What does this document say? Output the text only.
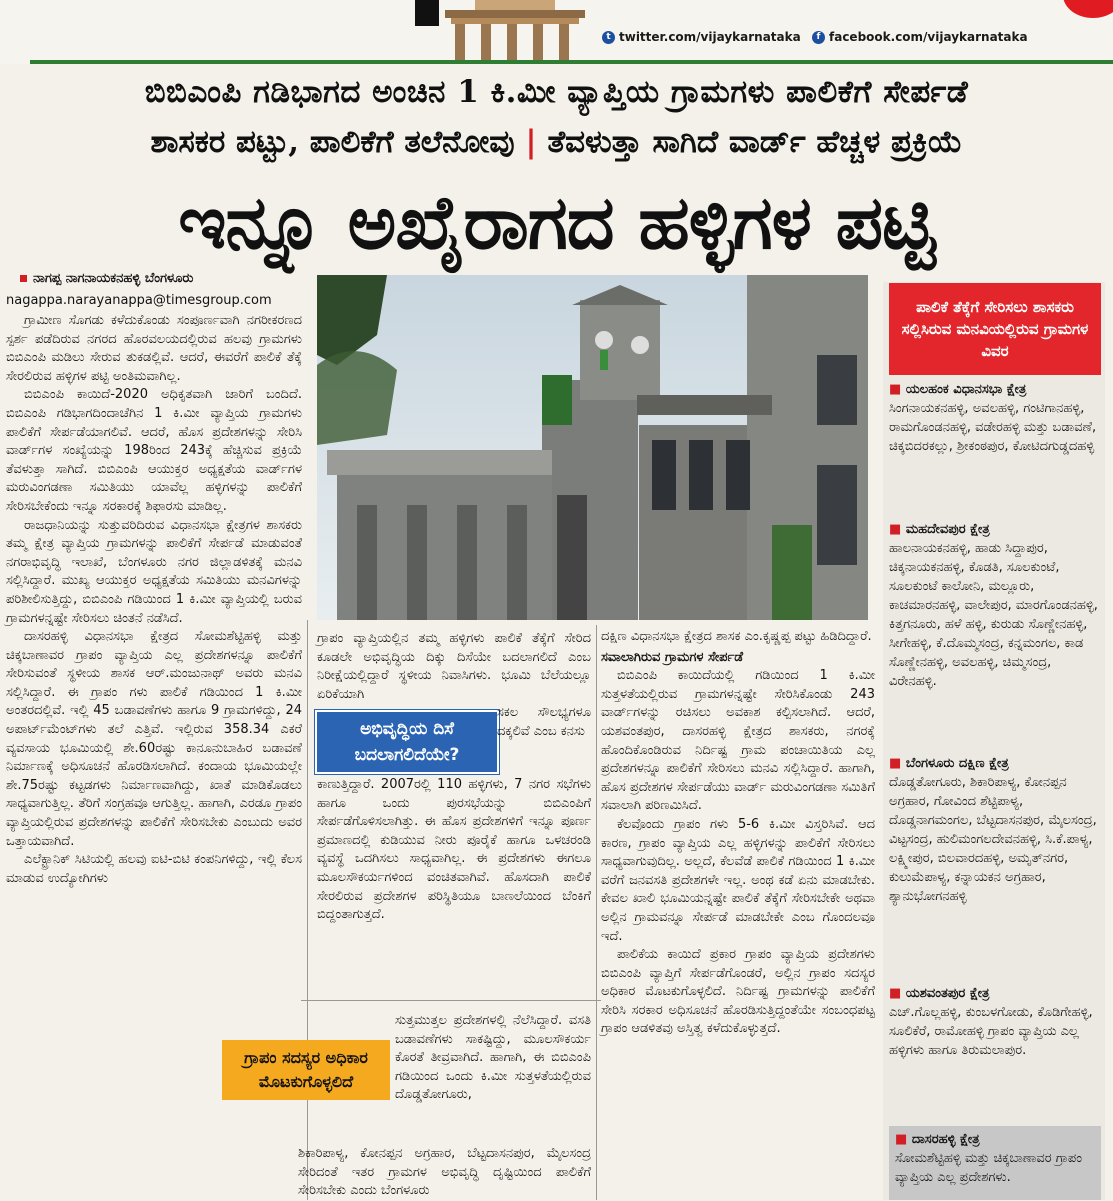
t twitter.com/vijaykarnataka	f facebook.com/vijaykarnataka
ಬಿಬಿಎಂಪಿ ಗಡಿಭಾಗದ ಅಂಚಿನ 1 ಕಿ.ಮೀ ವ್ಯಾಪ್ತಿಯ ಗ್ರಾಮಗಳು ಪಾಲಿಕೆಗೆ ಸೇರ್ಪಡೆ
ಶಾಸಕರ ಪಟ್ಟು, ಪಾಲಿಕೆಗೆ ತಲೆನೋವು | ತೆವಳುತ್ತಾ ಸಾಗಿದೆ ವಾರ್ಡ್ ಹೆಚ್ಚಳ ಪ್ರಕ್ರಿಯೆ
ಇನ್ನೂ ಅಖೈರಾಗದ ಹಳ್ಳಿಗಳ ಪಟ್ಟಿ
ನಾಗಪ್ಪ ನಾಗನಾಯಕನಹಳ್ಳಿ ಬೆಂಗಳೂರು
nagappa.narayanappa@timesgroup.com

ಗ್ರಾಮೀಣ ಸೊಗಡು ಕಳೆದುಕೊಂಡು ಸಂಪೂರ್ಣವಾಗಿ ನಗರೀಕರಣದ ಸ್ಪರ್ಶ ಪಡೆದಿರುವ ನಗರದ ಹೊರವಲಯದಲ್ಲಿರುವ ಹಲವು ಗ್ರಾಮಗಳು ಬಿಬಿಎಂಪಿ ಮಡಿಲು ಸೇರುವ ತುಕಡಲ್ಲಿವೆ. ಆದರೆ, ಈವರೆಗೆ ಪಾಲಿಕೆ ತೆಕ್ಕೆ ಸೇರಲಿರುವ ಹಳ್ಳಿಗಳ ಪಟ್ಟಿ ಅಂತಿಮವಾಗಿಲ್ಲ.

ಬಿಬಿಎಂಪಿ ಕಾಯಿದೆ-2020 ಅಧಿಕೃತವಾಗಿ ಜಾರಿಗೆ ಬಂದಿದೆ. ಬಿಬಿಎಂಪಿ ಗಡಿಭಾಗದಿಂದಾಚೆಗಿನ 1 ಕಿ.ಮೀ ವ್ಯಾಪ್ತಿಯ ಗ್ರಾಮಗಳು ಪಾಲಿಕೆಗೆ ಸೇರ್ಪಡೆಯಾಗಲಿವೆ. ಆದರೆ, ಹೊಸ ಪ್ರದೇಶಗಳನ್ನು ಸೇರಿಸಿ ವಾರ್ಡ್‌ಗಳ ಸಂಖ್ಯೆಯನ್ನು 198ರಿಂದ 243ಕ್ಕೆ ಹೆಚ್ಚಿಸುವ ಪ್ರಕ್ರಿಯೆ ತೆವಳುತ್ತಾ ಸಾಗಿದೆ. ಬಿಬಿಎಂಪಿ ಆಯುಕ್ತರ ಅಧ್ಯಕ್ಷತೆಯ ವಾರ್ಡ್‌ಗಳ ಮರುವಿಂಗಡಣಾ ಸಮಿತಿಯು ಯಾವೆಲ್ಲ ಹಳ್ಳಿಗಳನ್ನು ಪಾಲಿಕೆಗೆ ಸೇರಿಸಬೇಕೆಂದು ಇನ್ನೂ ಸರಕಾರಕ್ಕೆ ಶಿಫಾರಸು ಮಾಡಿಲ್ಲ.

ರಾಜಧಾನಿಯನ್ನು ಸುತ್ತುವರಿದಿರುವ ವಿಧಾನಸಭಾ ಕ್ಷೇತ್ರಗಳ ಶಾಸಕರು ತಮ್ಮ ಕ್ಷೇತ್ರ ವ್ಯಾಪ್ತಿಯ ಗ್ರಾಮಗಳನ್ನು ಪಾಲಿಕೆಗೆ ಸೇರ್ಪಡೆ ಮಾಡುವಂತೆ ನಗರಾಭಿವೃದ್ಧಿ ಇಲಾಖೆ, ಬೆಂಗಳೂರು ನಗರ ಜಿಲ್ಲಾಡಳಿತಕ್ಕೆ ಮನವಿ ಸಲ್ಲಿಸಿದ್ದಾರೆ. ಮುಖ್ಯ ಆಯುಕ್ತರ ಅಧ್ಯಕ್ಷತೆಯ ಸಮಿತಿಯು ಮನವಿಗಳನ್ನು ಪರಿಶೀಲಿಸುತ್ತಿದ್ದು, ಬಿಬಿಎಂಪಿ ಗಡಿಯಿಂದ 1 ಕಿ.ಮೀ ವ್ಯಾಪ್ತಿಯಲ್ಲಿ ಬರುವ ಗ್ರಾಮಗಳನ್ನಷ್ಟೇ ಸೇರಿಸಲು ಚಿಂತನೆ ನಡೆಸಿದೆ.

ದಾಸರಹಳ್ಳಿ ವಿಧಾನಸಭಾ ಕ್ಷೇತ್ರದ ಸೋಮಶೆಟ್ಟಿಹಳ್ಳಿ ಮತ್ತು ಚಿಕ್ಕಬಾಣಾವರ ಗ್ರಾಪಂ ವ್ಯಾಪ್ತಿಯ ಎಲ್ಲ ಪ್ರದೇಶಗಳನ್ನೂ ಪಾಲಿಕೆಗೆ ಸೇರಿಸುವಂತೆ ಸ್ಥಳೀಯ ಶಾಸಕ ಆರ್.ಮಂಜುನಾಥ್ ಅವರು ಮನವಿ ಸಲ್ಲಿಸಿದ್ದಾರೆ. ಈ ಗ್ರಾಪಂ ಗಳು ಪಾಲಿಕೆ ಗಡಿಯಿಂದ 1 ಕಿ.ಮೀ ಅಂತರದಲ್ಲಿವೆ. ಇಲ್ಲಿ 45 ಬಡಾವಣೆಗಳು ಹಾಗೂ 9 ಗ್ರಾಮಗಳಿದ್ದು, 24 ಅಪಾರ್ಟ್‌ಮೆಂಟ್‌ಗಳು ತಲೆ ಎತ್ತಿವೆ. ಇಲ್ಲಿರುವ 358.34 ಎಕರೆ ವ್ಯವಸಾಯ ಭೂಮಿಯಲ್ಲಿ ಶೇ.60ರಷ್ಟು ಕಾನೂನುಬಾಹಿರ ಬಡಾವಣೆ ನಿರ್ಮಾಣಕ್ಕೆ ಅಧಿಸೂಚನೆ ಹೊರಡಿಸಲಾಗಿದೆ. ಕಂದಾಯ ಭೂಮಿಯಲ್ಲೇ ಶೇ.75ರಷ್ಟು ಕಟ್ಟಡಗಳು ನಿರ್ಮಾಣವಾಗಿದ್ದು, ಖಾತೆ ಮಾಡಿಕೊಡಲು ಸಾಧ್ಯವಾಗುತ್ತಿಲ್ಲ. ತೆರಿಗೆ ಸಂಗ್ರಹವೂ ಆಗುತ್ತಿಲ್ಲ. ಹಾಗಾಗಿ, ಎರಡೂ ಗ್ರಾಪಂ ವ್ಯಾಪ್ತಿಯಲ್ಲಿರುವ ಪ್ರದೇಶಗಳನ್ನು ಪಾಲಿಕೆಗೆ ಸೇರಿಸಬೇಕು ಎಂಬುದು ಅವರ ಒತ್ತಾಯವಾಗಿದೆ.

ಎಲೆಕ್ಟ್ರಾನಿಕ್ ಸಿಟಿಯಲ್ಲಿ ಹಲವು ಐಟಿ-ಬಿಟಿ ಕಂಪನಿಗಳಿದ್ದು, ಇಲ್ಲಿ ಕೆಲಸ ಮಾಡುವ ಉದ್ಯೋಗಿಗಳು

ಗ್ರಾಪಂ ವ್ಯಾಪ್ತಿಯಲ್ಲಿನ ತಮ್ಮ ಹಳ್ಳಿಗಳು ಪಾಲಿಕೆ ತೆಕ್ಕೆಗೆ ಸೇರಿದ ಕೂಡಲೇ ಅಭಿವೃದ್ಧಿಯ ದಿಕ್ಕು ದಿಸೆಯೇ ಬದಲಾಗಲಿದೆ ಎಂಬ ನಿರೀಕ್ಷೆಯಲ್ಲಿದ್ದಾರೆ ಸ್ಥಳೀಯ ನಿವಾಸಿಗಳು. ಭೂಮಿ ಬೆಲೆಯಲ್ಲೂ ಏರಿಕೆಯಾಗಿ

ಅಭಿವೃದ್ಧಿಯ ದಿಸೆ ಬದಲಾಗಲಿದೆಯೇ?

ಸಕಲ ಸೌಲಭ್ಯಗಳೂ ದಕ್ಕಲಿವೆ ಎಂಬ ಕನಸು

ಕಾಣುತ್ತಿದ್ದಾರೆ. 2007ರಲ್ಲಿ 110 ಹಳ್ಳಿಗಳು, 7 ನಗರ ಸಭೆಗಳು ಹಾಗೂ ಒಂದು ಪುರಸಭೆಯನ್ನು ಬಿಬಿಎಂಪಿಗೆ ಸೇರ್ಪಡೆಗೊಳಿಸಲಾಗಿತ್ತು. ಈ ಹೊಸ ಪ್ರದೇಶಗಳಿಗೆ ಇನ್ನೂ ಪೂರ್ಣ ಪ್ರಮಾಣದಲ್ಲಿ ಕುಡಿಯುವ ನೀರು ಪೂರೈಕೆ ಹಾಗೂ ಒಳಚರಂಡಿ ವ್ಯವಸ್ಥೆ ಒದಗಿಸಲು ಸಾಧ್ಯವಾಗಿಲ್ಲ. ಈ ಪ್ರದೇಶಗಳು ಈಗಲೂ ಮೂಲಸೌಕರ್ಯಗಳಿಂದ ವಂಚಿತವಾಗಿವೆ. ಹೊಸದಾಗಿ ಪಾಲಿಕೆ ಸೇರಲಿರುವ ಪ್ರದೇಶಗಳ ಪರಿಸ್ಥಿತಿಯೂ ಬಾಣಲೆಯಿಂದ ಬೆಂಕಿಗೆ ಬಿದ್ದಂತಾಗುತ್ತದೆ.

ಸುತ್ತಮುತ್ತಲ ಪ್ರದೇಶಗಳಲ್ಲಿ ನೆಲೆಸಿದ್ದಾರೆ. ವಸತಿ ಬಡಾವಣೆಗಳು ಸಾಕಷ್ಟಿದ್ದು, ಮೂಲಸೌಕರ್ಯ ಕೊರತೆ ತೀವ್ರವಾಗಿದೆ. ಹಾಗಾಗಿ, ಈ ಬಿಬಿಎಂಪಿ ಗಡಿಯಿಂದ ಒಂದು ಕಿ.ಮೀ ಸುತ್ತಳತೆಯಲ್ಲಿರುವ ದೊಡ್ಡತೋಗೂರು,

ಗ್ರಾಪಂ ಸದಸ್ಯರ ಅಧಿಕಾರ ಮೊಟಕುಗೊಳ್ಳಲಿದೆ

ಶಿಕಾರಿಪಾಳ್ಯ, ಕೋನಪ್ಪನ ಅಗ್ರಹಾರ, ಬೆಟ್ಟದಾಸನಪುರ, ಮೈಲಸಂದ್ರ ಸೇರಿದಂತೆ ಇತರ ಗ್ರಾಮಗಳ ಅಭಿವೃದ್ಧಿ ದೃಷ್ಟಿಯಿಂದ ಪಾಲಿಕೆಗೆ ಸೇರಿಸಬೇಕು ಎಂದು ಬೆಂಗಳೂರು

ದಕ್ಷಿಣ ವಿಧಾನಸಭಾ ಕ್ಷೇತ್ರದ ಶಾಸಕ ಎಂ.ಕೃಷ್ಣಪ್ಪ ಪಟ್ಟು ಹಿಡಿದಿದ್ದಾರೆ.

ಸವಾಲಾಗಿರುವ ಗ್ರಾಮಗಳ ಸೇರ್ಪಡೆ

ಬಿಬಿಎಂಪಿ ಕಾಯಿದೆಯಲ್ಲಿ ಗಡಿಯಿಂದ 1 ಕಿ.ಮೀ ಸುತ್ತಳತೆಯಲ್ಲಿರುವ ಗ್ರಾಮಗಳನ್ನಷ್ಟೇ ಸೇರಿಸಿಕೊಂಡು 243 ವಾರ್ಡ್‌ಗಳನ್ನು ರಚಿಸಲು ಅವಕಾಶ ಕಲ್ಪಿಸಲಾಗಿದೆ. ಆದರೆ, ಯಶವಂತಪುರ, ದಾಸರಹಳ್ಳಿ ಕ್ಷೇತ್ರದ ಶಾಸಕರು, ನಗರಕ್ಕೆ ಹೊಂದಿಕೊಂಡಿರುವ ನಿರ್ದಿಷ್ಟ ಗ್ರಾಮ ಪಂಚಾಯಿತಿಯ ಎಲ್ಲ ಪ್ರದೇಶಗಳನ್ನೂ ಪಾಲಿಕೆಗೆ ಸೇರಿಸಲು ಮನವಿ ಸಲ್ಲಿಸಿದ್ದಾರೆ. ಹಾಗಾಗಿ, ಹೊಸ ಪ್ರದೇಶಗಳ ಸೇರ್ಪಡೆಯು ವಾರ್ಡ್ ಮರುವಿಂಗಡಣಾ ಸಮಿತಿಗೆ ಸವಾಲಾಗಿ ಪರಿಣಮಿಸಿದೆ.

ಕೆಲವೊಂದು ಗ್ರಾಪಂ ಗಳು 5-6 ಕಿ.ಮೀ ವಿಸ್ತರಿಸಿವೆ. ಆದ ಕಾರಣ, ಗ್ರಾಪಂ ವ್ಯಾಪ್ತಿಯ ಎಲ್ಲ ಹಳ್ಳಿಗಳನ್ನು ಪಾಲಿಕೆಗೆ ಸೇರಿಸಲು ಸಾಧ್ಯವಾಗುವುದಿಲ್ಲ. ಅಲ್ಲದೆ, ಕೆಲವೆಡೆ ಪಾಲಿಕೆ ಗಡಿಯಿಂದ 1 ಕಿ.ಮೀ ವರೆಗೆ ಜನವಸತಿ ಪ್ರದೇಶಗಳೇ ಇಲ್ಲ. ಅಂಥ ಕಡೆ ಏನು ಮಾಡಬೇಕು. ಕೇವಲ ಖಾಲಿ ಭೂಮಿಯನ್ನಷ್ಟೇ ಪಾಲಿಕೆ ತೆಕ್ಕೆಗೆ ಸೇರಿಸಬೇಕೇ ಅಥವಾ ಅಲ್ಲಿನ ಗ್ರಾಮವನ್ನೂ ಸೇರ್ಪಡೆ ಮಾಡಬೇಕೇ ಎಂಬ ಗೊಂದಲವೂ ಇದೆ.

ಪಾಲಿಕೆಯ ಕಾಯಿದೆ ಪ್ರಕಾರ ಗ್ರಾಪಂ ವ್ಯಾಪ್ತಿಯ ಪ್ರದೇಶಗಳು ಬಿಬಿಎಂಪಿ ವ್ಯಾಪ್ತಿಗೆ ಸೇರ್ಪಡೆಗೊಂಡರೆ, ಅಲ್ಲಿನ ಗ್ರಾಪಂ ಸದಸ್ಯರ ಅಧಿಕಾರ ಮೊಟಕುಗೊಳ್ಳಲಿದೆ. ನಿರ್ದಿಷ್ಟ ಗ್ರಾಮಗಳನ್ನು ಪಾಲಿಕೆಗೆ ಸೇರಿಸಿ ಸರಕಾರ ಅಧಿಸೂಚನೆ ಹೊರಡಿಸುತ್ತಿದ್ದಂತೆಯೇ ಸಂಬಂಧಪಟ್ಟ ಗ್ರಾಪಂ ಆಡಳಿತವು ಅಸ್ತಿತ್ವ ಕಳೆದುಕೊಳ್ಳುತ್ತದೆ.

ಪಾಲಿಕೆ ತೆಕ್ಕೆಗೆ ಸೇರಿಸಲು ಶಾಸಕರು ಸಲ್ಲಿಸಿರುವ ಮನವಿಯಲ್ಲಿರುವ ಗ್ರಾಮಗಳ ವಿವರ
■ ಯಲಹಂಕ ವಿಧಾನಸಭಾ ಕ್ಷೇತ್ರ
ಸಿಂಗನಾಯಕನಹಳ್ಳಿ, ಅವಲಹಳ್ಳಿ, ಗಂಟಿಗಾನಹಳ್ಳಿ, ರಾಮಗೊಂಡನಹಳ್ಳಿ, ವಡೇರಹಳ್ಳಿ ಮತ್ತು ಬಡಾವಣೆ, ಚಿಕ್ಕಬಿದರಕಲ್ಲು, ಶ್ರೀಕಂಠಪುರ, ಕೋಟಿದಗುಡ್ಡದಹಳ್ಳಿ
■ ಮಹದೇವಪುರ ಕ್ಷೇತ್ರ
ಹಾಲನಾಯಕನಹಳ್ಳಿ, ಹಾಡು ಸಿದ್ದಾಪುರ, ಚಿಕ್ಕನಾಯಕನಹಳ್ಳಿ, ಕೊಡತಿ, ಸೂಲಕುಂಟೆ, ಸೂಲಕುಂಟೆ ಕಾಲೋನಿ, ಮಲ್ಲೂರು, ಕಾಚಮಾರನಹಳ್ಳಿ, ವಾಲೇಪುರ, ಮಾರಗೊಂಡನಹಳ್ಳಿ, ಕಿತ್ತಗನೂರು, ಹಳೆ ಹಳ್ಳಿ, ಕುರುಡು ಸೊಣ್ಣೇನಹಳ್ಳಿ, ಸೀಗೇಹಳ್ಳಿ, ಕೆ.ದೊಮ್ಮಸಂದ್ರ, ಕನ್ನಮಂಗಲ, ಕಾಡ ಸೊಣ್ಣೇನಹಳ್ಳಿ, ಅವಲಹಳ್ಳಿ, ಚಿಮ್ಮಸಂದ್ರ, ವಿರೇನಹಳ್ಳಿ.
■ ಬೆಂಗಳೂರು ದಕ್ಷಿಣ ಕ್ಷೇತ್ರ
ದೊಡ್ಡತೋಗೂರು, ಶಿಕಾರಿಪಾಳ್ಯ, ಕೋನಪ್ಪನ ಅಗ್ರಹಾರ, ಗೋವಿಂದ ಶೆಟ್ಟಿಪಾಳ್ಯ, ದೊಡ್ಡನಾಗಮಂಗಲ, ಬೆಟ್ಟದಾಸನಪುರ, ಮೈಲಸಂದ್ರ, ವಿಟ್ಟಸಂದ್ರ, ಹುಲಿಮಂಗಲದೇವನಹಳ್ಳಿ, ಸಿ.ಕೆ.ಪಾಳ್ಯ, ಲಕ್ಷ್ಮೀಪುರ, ಬಿಲವಾರದಹಳ್ಳಿ, ಅಮೃತ್‌ನಗರ, ಕುಲುಮೆಪಾಳ್ಯ, ಕನ್ನಾಯಕನ ಅಗ್ರಹಾರ, ಶ್ಯಾನುಭೋಗನಹಳ್ಳಿ
■ ಯಶವಂತಪುರ ಕ್ಷೇತ್ರ
ಎಚ್.ಗೊಲ್ಲಹಳ್ಳಿ, ಕುಂಬಳಗೋಡು, ಕೊಡಿಗೇಹಳ್ಳಿ, ಸೂಲಿಕೆರೆ, ರಾಮೋಹಳ್ಳಿ ಗ್ರಾಪಂ ವ್ಯಾಪ್ತಿಯ ಎಲ್ಲ ಹಳ್ಳಿಗಳು ಹಾಗೂ ತಿರುಮಲಾಪುರ.
■ ದಾಸರಹಳ್ಳಿ ಕ್ಷೇತ್ರ
ಸೋಮಶೆಟ್ಟಿಹಳ್ಳಿ ಮತ್ತು ಚಿಕ್ಕಬಾಣಾವರ ಗ್ರಾಪಂ ವ್ಯಾಪ್ತಿಯ ಎಲ್ಲ ಪ್ರದೇಶಗಳು.
